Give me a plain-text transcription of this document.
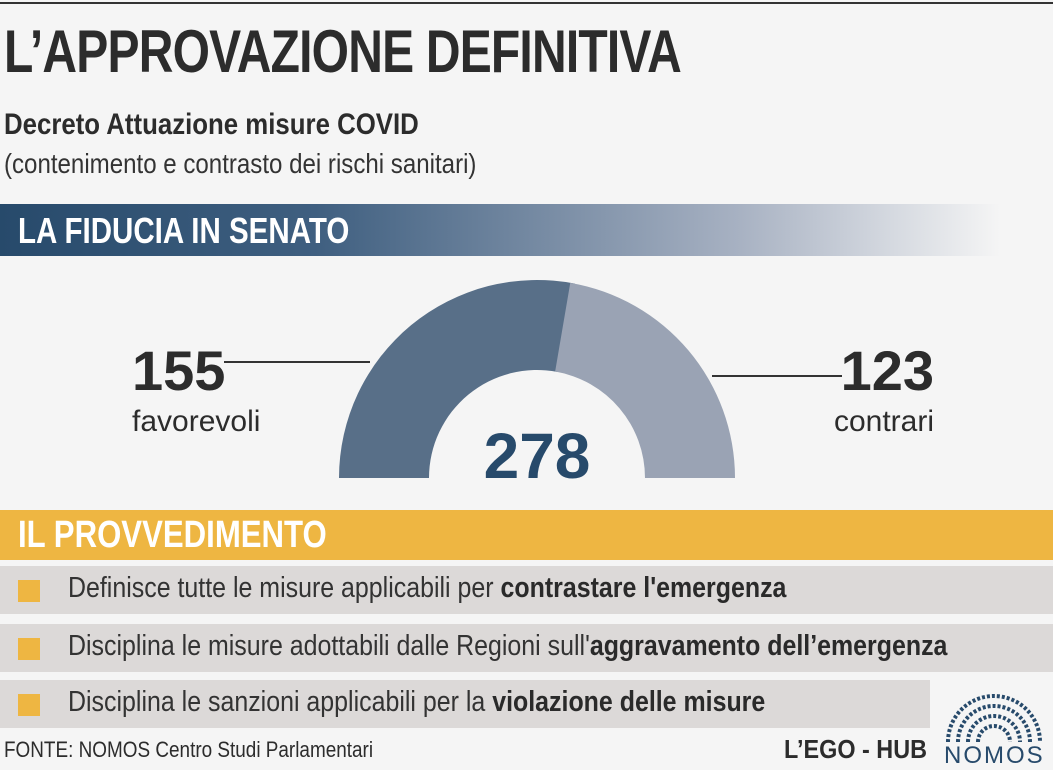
L’APPROVAZIONE DEFINITIVA
Decreto Attuazione misure COVID
(contenimento e contrasto dei rischi sanitari)
LA FIDUCIA IN SENATO
155
favorevoli
123
contrari
278
IL PROVVEDIMENTO
Definisce tutte le misure applicabili per contrastare l'emergenza
Disciplina le misure adottabili dalle Regioni sull'aggravamento dell’emergenza
Disciplina le sanzioni applicabili per la violazione delle misure
FONTE: NOMOS Centro Studi Parlamentari	L’EGO - HUB NOMOS
